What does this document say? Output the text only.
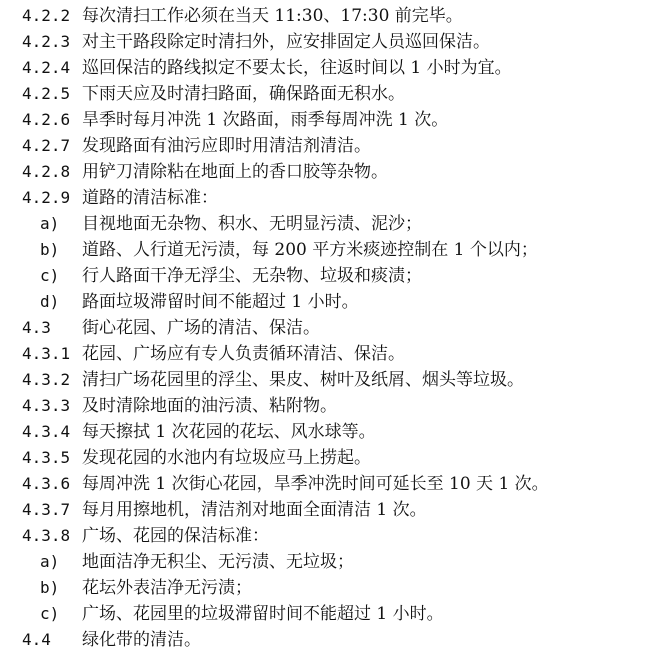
4.2.2 每次清扫工作必须在当天 11:30、17:30 前完毕。
4.2.3 对主干路段除定时清扫外，应安排固定人员巡回保洁。
4.2.4 巡回保洁的路线拟定不要太长，往返时间以 1 小时为宜。
4.2.5 下雨天应及时清扫路面，确保路面无积水。
4.2.6 旱季时每月冲洗 1 次路面，雨季每周冲洗 1 次。
4.2.7 发现路面有油污应即时用清洁剂清洁。
4.2.8 用铲刀清除粘在地面上的香口胶等杂物。
4.2.9 道路的清洁标准：
a) 目视地面无杂物、积水、无明显污渍、泥沙；
b) 道路、人行道无污渍，每 200 平方米痰迹控制在 1 个以内；
c) 行人路面干净无浮尘、无杂物、垃圾和痰渍；
d) 路面垃圾滞留时间不能超过 1 小时。
4.3 街心花园、广场的清洁、保洁。
4.3.1 花园、广场应有专人负责循环清洁、保洁。
4.3.2 清扫广场花园里的浮尘、果皮、树叶及纸屑、烟头等垃圾。
4.3.3 及时清除地面的油污渍、粘附物。
4.3.4 每天擦拭 1 次花园的花坛、风水球等。
4.3.5 发现花园的水池内有垃圾应马上捞起。
4.3.6 每周冲洗 1 次街心花园，旱季冲洗时间可延长至 10 天 1 次。
4.3.7 每月用擦地机，清洁剂对地面全面清洁 1 次。
4.3.8 广场、花园的保洁标准：
a) 地面洁净无积尘、无污渍、无垃圾；
b) 花坛外表洁净无污渍；
c) 广场、花园里的垃圾滞留时间不能超过 1 小时。
4.4 绿化带的清洁。
